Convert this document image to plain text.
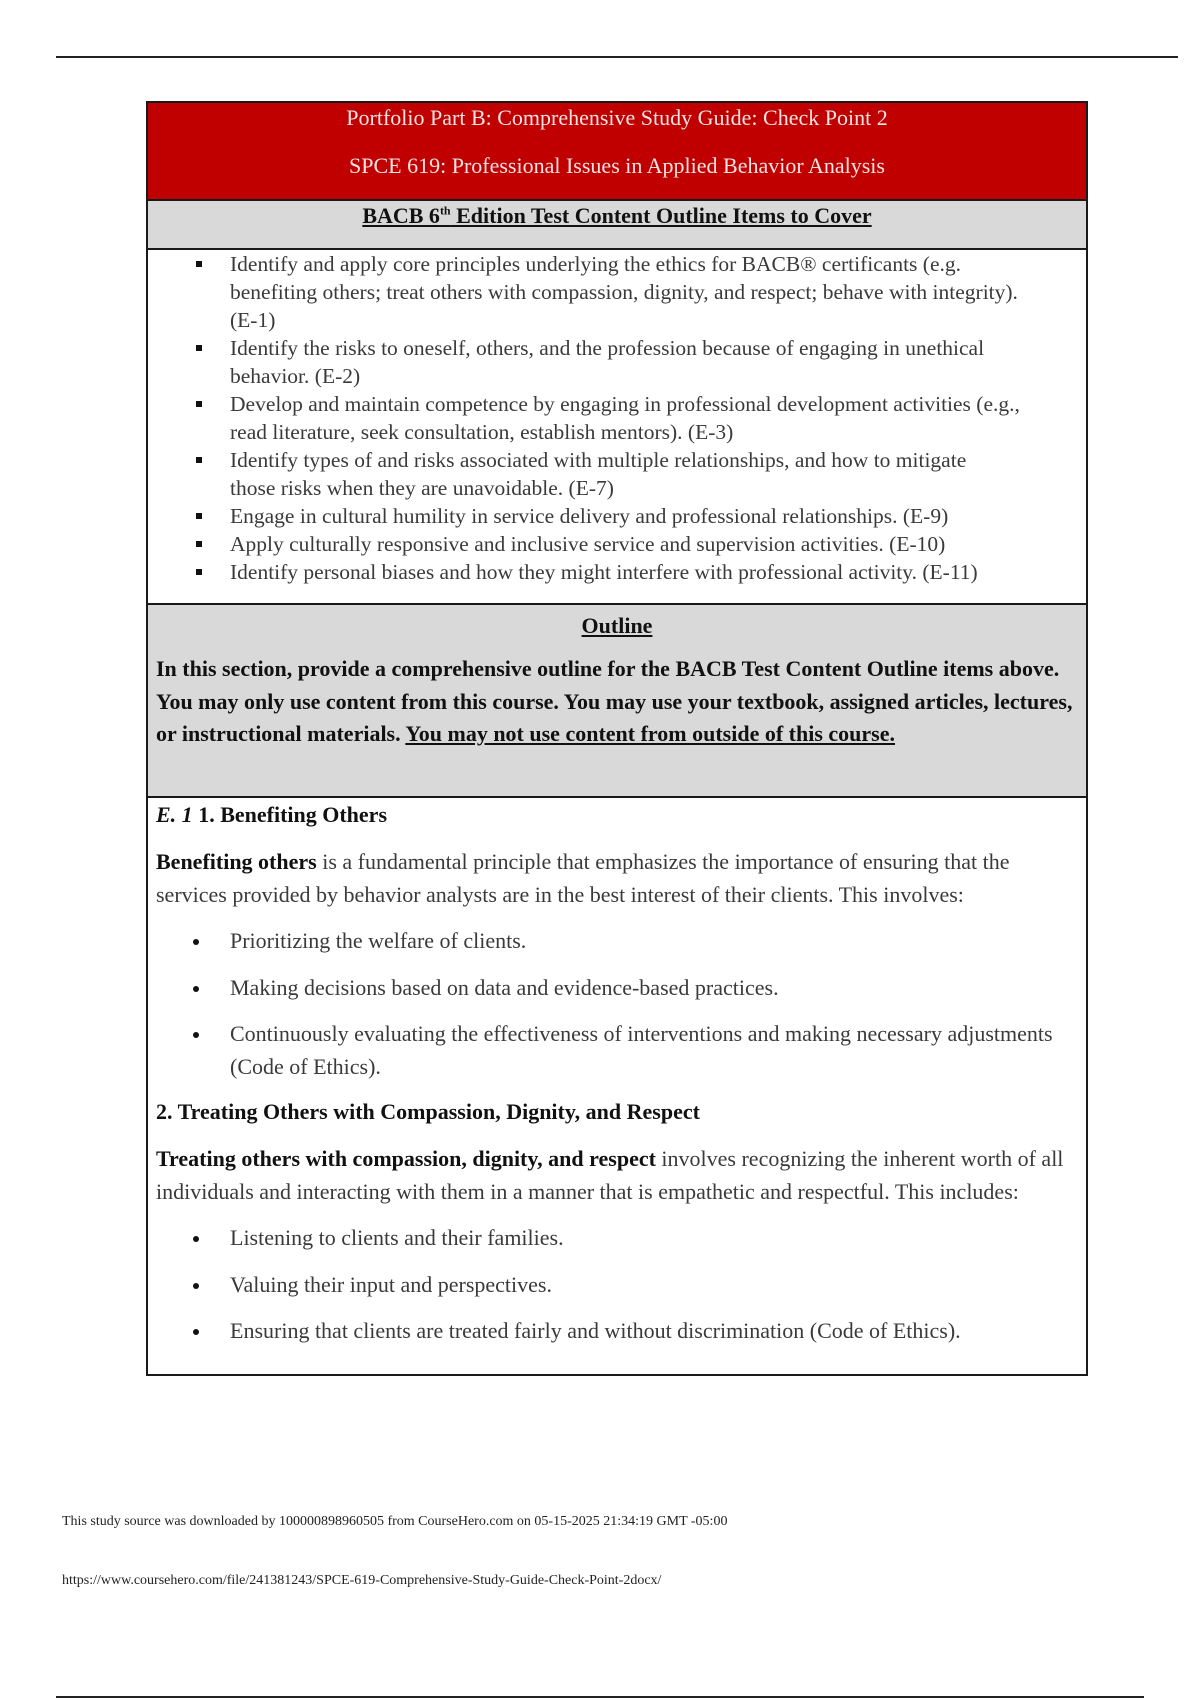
Portfolio Part B: Comprehensive Study Guide: Check Point 2
SPCE 619: Professional Issues in Applied Behavior Analysis
BACB 6th Edition Test Content Outline Items to Cover
Identify and apply core principles underlying the ethics for BACB® certificants (e.g.
benefiting others; treat others with compassion, dignity, and respect; behave with integrity).
(E-1)
Identify the risks to oneself, others, and the profession because of engaging in unethical
behavior. (E-2)
Develop and maintain competence by engaging in professional development activities (e.g.,
read literature, seek consultation, establish mentors). (E-3)
Identify types of and risks associated with multiple relationships, and how to mitigate
those risks when they are unavoidable. (E-7)
Engage in cultural humility in service delivery and professional relationships. (E-9)
Apply culturally responsive and inclusive service and supervision activities. (E-10)
Identify personal biases and how they might interfere with professional activity. (E-11)
Outline
In this section, provide a comprehensive outline for the BACB Test Content Outline items above. You may only use content from this course. You may use your textbook, assigned articles, lectures, or instructional materials. You may not use content from outside of this course.
E. 1 1. Benefiting Others

Benefiting others is a fundamental principle that emphasizes the importance of ensuring that the services provided by behavior analysts are in the best interest of their clients. This involves:

Prioritizing the welfare of clients.
Making decisions based on data and evidence-based practices.
Continuously evaluating the effectiveness of interventions and making necessary adjustments (Code of Ethics).
2. Treating Others with Compassion, Dignity, and Respect

Treating others with compassion, dignity, and respect involves recognizing the inherent worth of all individuals and interacting with them in a manner that is empathetic and respectful. This includes:

Listening to clients and their families.
Valuing their input and perspectives.
Ensuring that clients are treated fairly and without discrimination (Code of Ethics).
This study source was downloaded by 100000898960505 from CourseHero.com on 05-15-2025 21:34:19 GMT -05:00
https://www.coursehero.com/file/241381243/SPCE-619-Comprehensive-Study-Guide-Check-Point-2docx/
